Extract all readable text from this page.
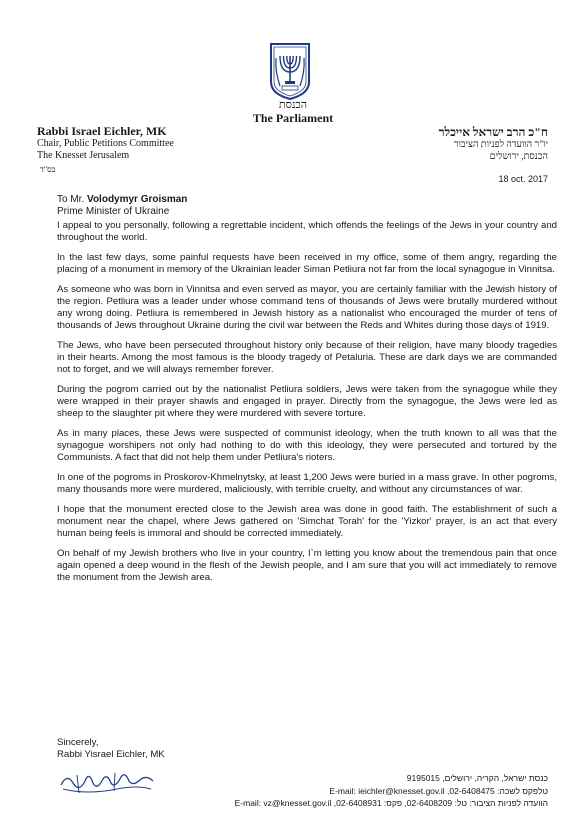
הכנסת
The Parliament
Rabbi Israel Eichler, MK
Chair, Public Petitions Committee
The Knesset Jerusalem
ח"כ הרב ישראל אייכלר
יו"ר הוועדה לפניות הציבור
הכנסת, ירושלים
בס"ד
18 oct. 2017
To Mr. Volodymyr Groisman
Prime Minister of Ukraine

I appeal to you personally, following a regrettable incident, which offends the feelings of the Jews in your country and throughout the world.

In the last few days, some painful requests have been received in my office, some of them angry, regarding the placing of a monument in memory of the Ukrainian leader Siman Petliura not far from the local synagogue in Vinnitsa.

As someone who was born in Vinnitsa and even served as mayor, you are certainly familiar with the Jewish history of the region. Petliura was a leader under whose command tens of thousands of Jews were brutally murdered without any wrong doing. Petliura is remembered in Jewish history as a nationalist who encouraged the murder of tens of thousands of Jews throughout Ukraine during the civil war between the Reds and Whites during those days of 1919.

The Jews, who have been persecuted throughout history only because of their religion, have many bloody tragedies in their hearts. Among the most famous is the bloody tragedy of Petaluria. These are dark days we are commanded not to forget, and we will always remember forever.

During the pogrom carried out by the nationalist Petliura soldiers, Jews were taken from the synagogue while they were wrapped in their prayer shawls and engaged in prayer. Directly from the synagogue, the Jews were led as sheep to the slaughter pit where they were murdered with severe torture.

As in many places, these Jews were suspected of communist ideology, when the truth known to all was that the synagogue worshipers not only had nothing to do with this ideology, they were persecuted and tortured by the Communists. A fact that did not help them under Petliura's rioters.

In one of the pogroms in Proskorov-Khmelnytsky, at least 1,200 Jews were buried in a mass grave. In other pogroms, many thousands more were murdered, maliciously, with terrible cruelty, and without any circumstances of war.

I hope that the monument erected close to the Jewish area was done in good faith. The establishment of such a monument near the chapel, where Jews gathered on 'Simchat Torah' for the 'Yizkor' prayer, is an act that every human being feels is immoral and should be corrected immediately.

On behalf of my Jewish brothers who live in your country, I`m letting you know about the tremendous pain that once again opened a deep wound in the flesh of the Jewish people, and I am sure that you will act immediately to remove the monument from the Jewish area.

Sincerely,
Rabbi Yisrael Eichler, MK
כנסת ישראל, הקריה, ירושלים, 9195015
טלפקס לשכה: 02-6408475, E-mail: ieichler@knesset.gov.il
הוועדה לפניות הציבור: טל: 02-6408209, פקס: 02-6408931, E-mail: vz@knesset.gov.il
